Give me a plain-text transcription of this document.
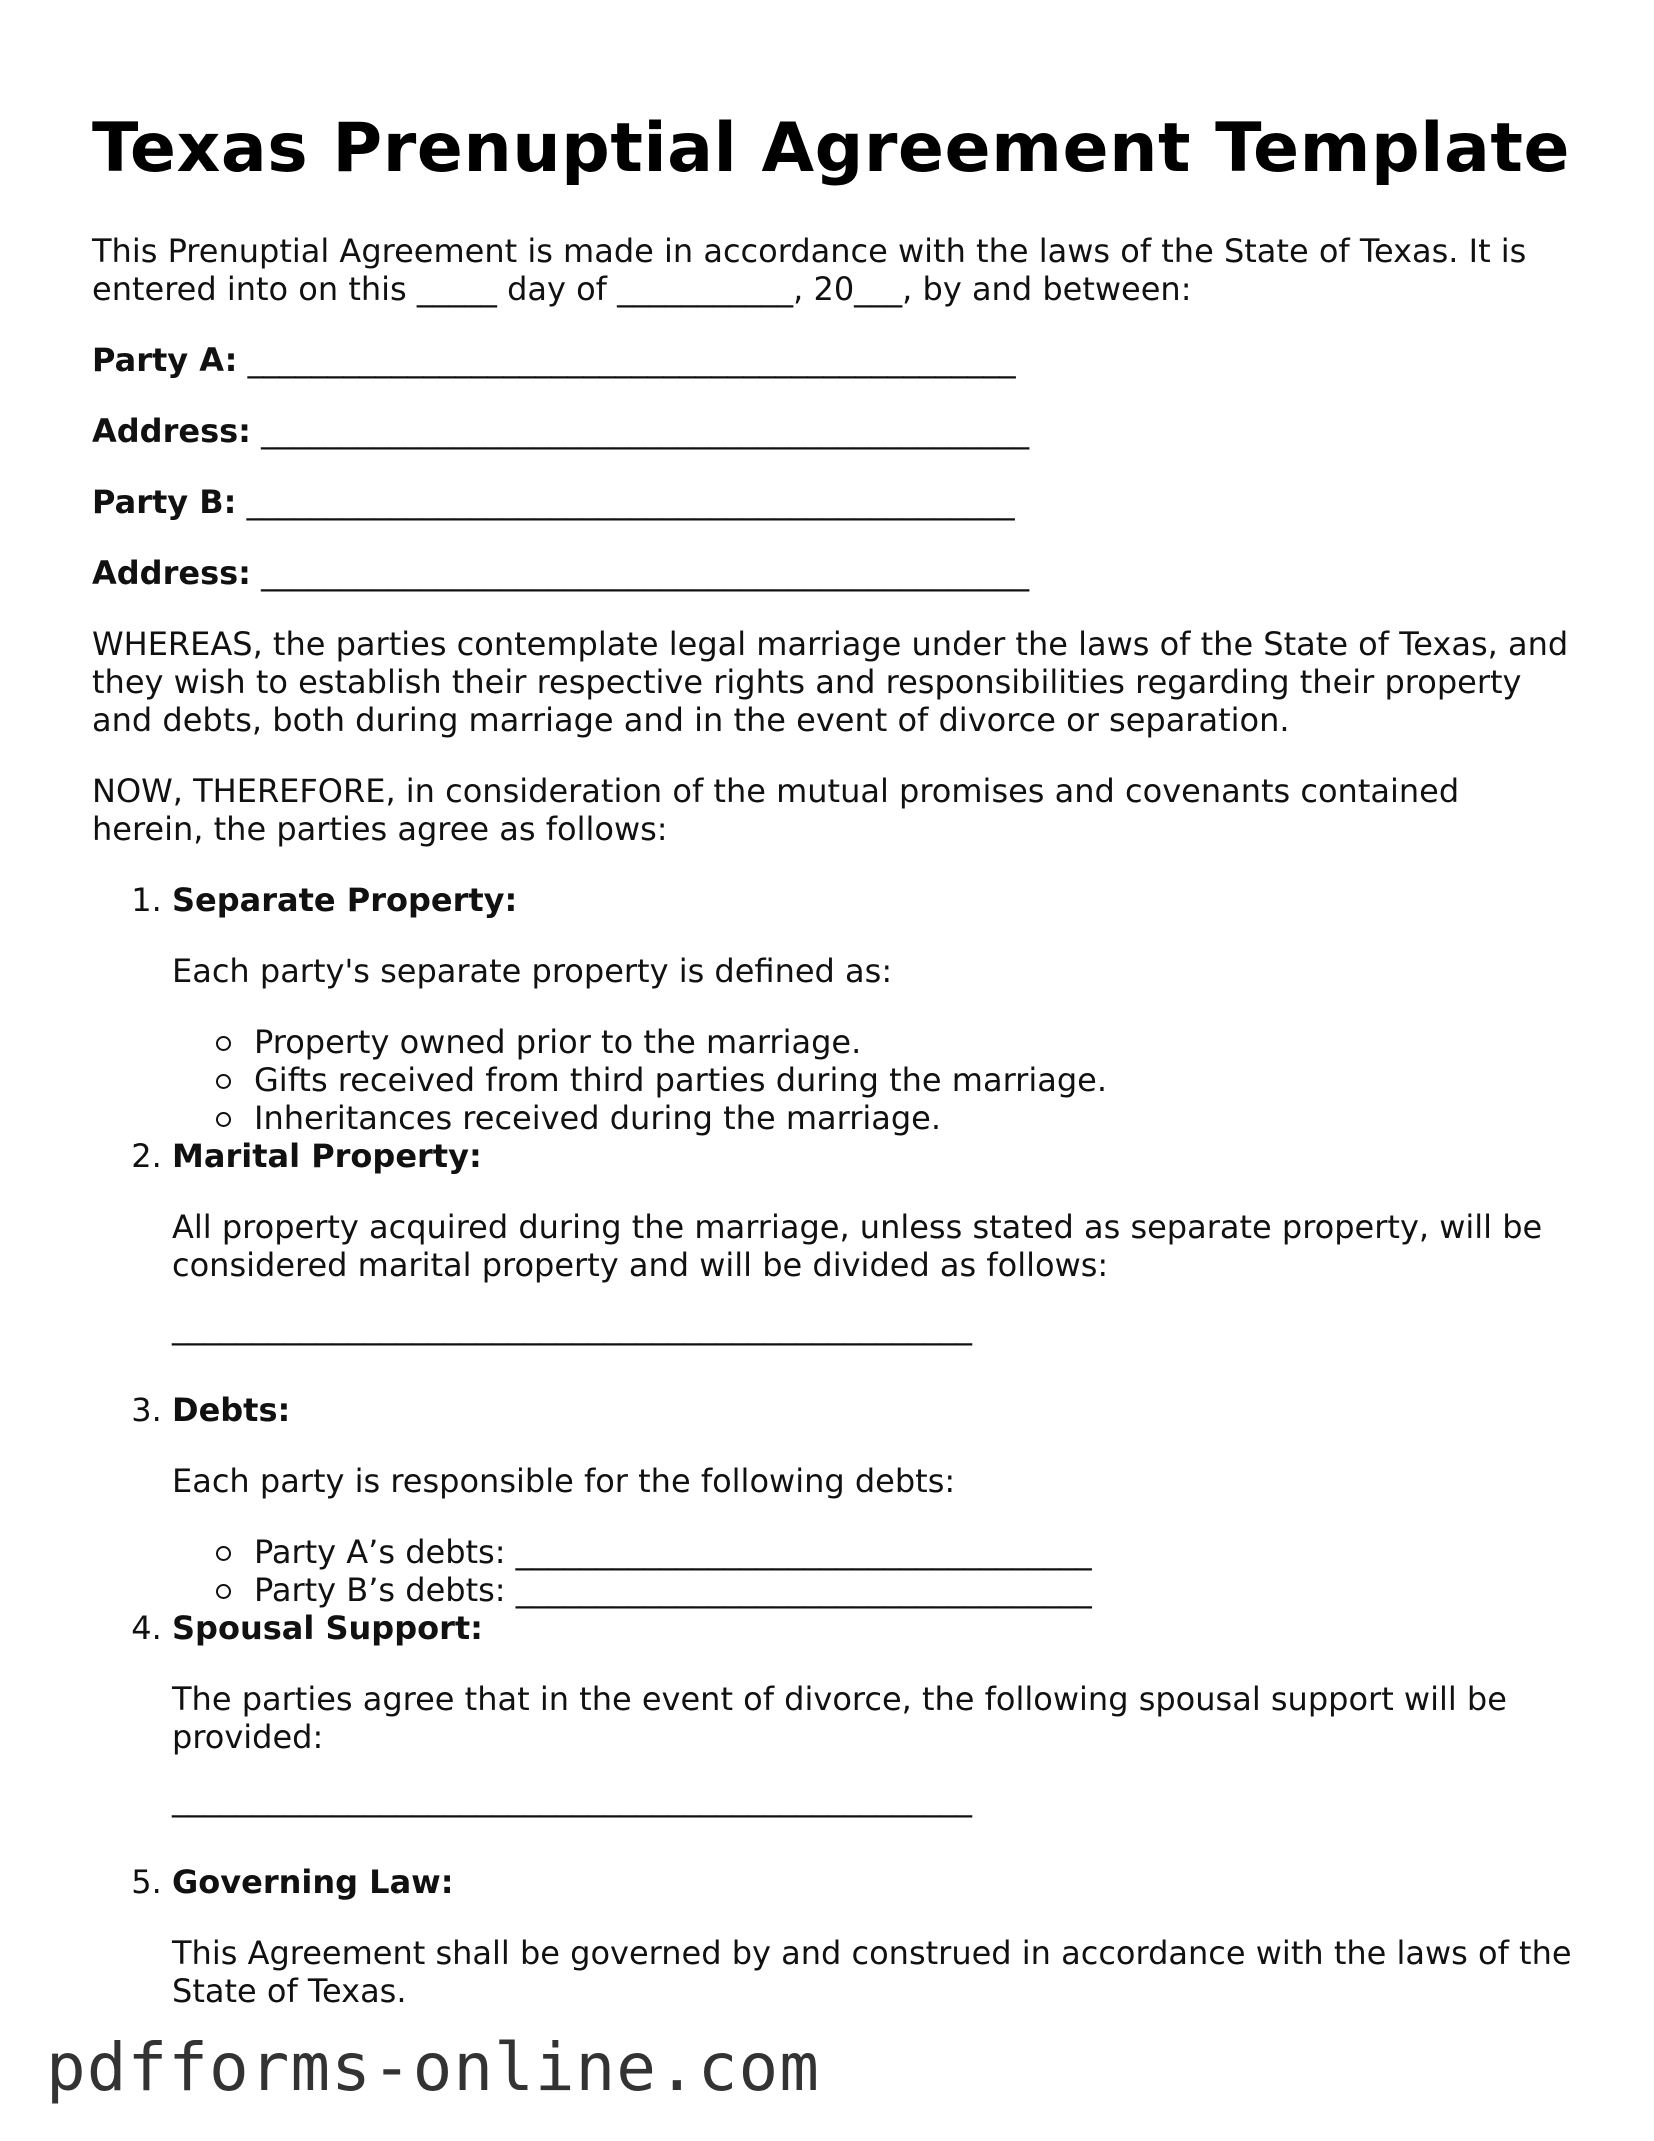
Texas Prenuptial Agreement Template

This Prenuptial Agreement is made in accordance with the laws of the State of Texas. It is
entered into on this _____ day of ___________, 20___, by and between:

Party A: ________________________________________________
Address: ________________________________________________
Party B: ________________________________________________
Address: ________________________________________________

WHEREAS, the parties contemplate legal marriage under the laws of the State of Texas, and they wish to establish their respective rights and responsibilities regarding their property and debts, both during marriage and in the event of divorce or separation.

NOW, THEREFORE, in consideration of the mutual promises and covenants contained herein, the parties agree as follows:

1. Separate Property:
Each party's separate property is defined as:
Property owned prior to the marriage.
Gifts received from third parties during the marriage.
Inheritances received during the marriage.
2. Marital Property:
All property acquired during the marriage, unless stated as separate property, will be considered marital property and will be divided as follows:
__________________________________________________
3. Debts:
Each party is responsible for the following debts:
Party A’s debts: ____________________________________
Party B’s debts: ____________________________________
4. Spousal Support:
The parties agree that in the event of divorce, the following spousal support will be provided:
__________________________________________________
5. Governing Law:
This Agreement shall be governed by and construed in accordance with the laws of the State of Texas.
pdfforms-online.com
